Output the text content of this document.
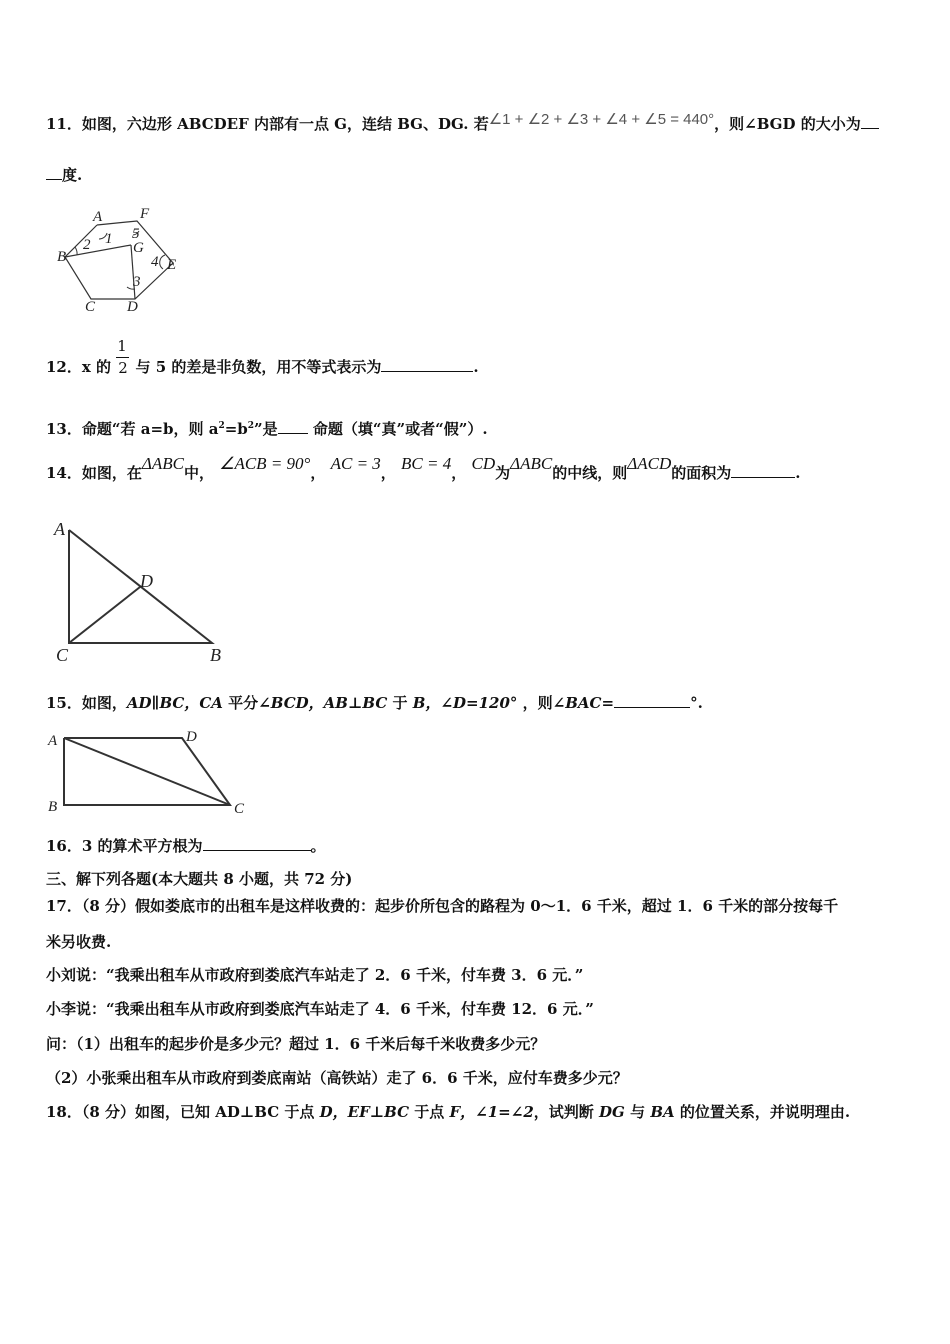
11．如图，六边形 ABCDEF 内部有一点 G，连结 BG、DG. 若∠1 + ∠2 + ∠3 + ∠4 + ∠5 = 440°，则∠BGD 的大小为
度.
A	F
B
2 1 5
G
4 E
3
C D
12．x 的 $\frac{1}{2}$ 与 5 的差是非负数，用不等式表示为	.
13．命题“若 a=b，则 $a^2=b^2$”是 命题（填“真”或者“假”）.
14．如图，在ΔABC中， ∠ACB = 90°， AC = 3， BC = 4， CD为ΔABC的中线，则ΔACD的面积为	.
A
D
C	B
15．如图，AD∥BC，CA 平分∠BCD，AB⊥BC 于 B，∠D=120° ，则∠BAC=	°.
A	D
B	C
16．3 的算术平方根为	。
三、解下列各题(本大题共 8 小题，共 72 分)
17．（8 分）假如娄底市的出租车是这样收费的：起步价所包含的路程为 0～1．6 千米，超过 1．6 千米的部分按每千
米另收费.
小刘说：“我乘出租车从市政府到娄底汽车站走了 2．6 千米，付车费 3．6 元．”
小李说：“我乘出租车从市政府到娄底汽车站走了 4．6 千米，付车费 12．6 元．”
问：（1）出租车的起步价是多少元？超过 1．6 千米后每千米收费多少元？
（2）小张乘出租车从市政府到娄底南站（高铁站）走了 6．6 千米，应付车费多少元？
18．（8 分）如图，已知 AD⊥BC 于点 D，EF⊥BC 于点 F，∠1=∠2，试判断 DG 与 BA 的位置关系，并说明理由.
